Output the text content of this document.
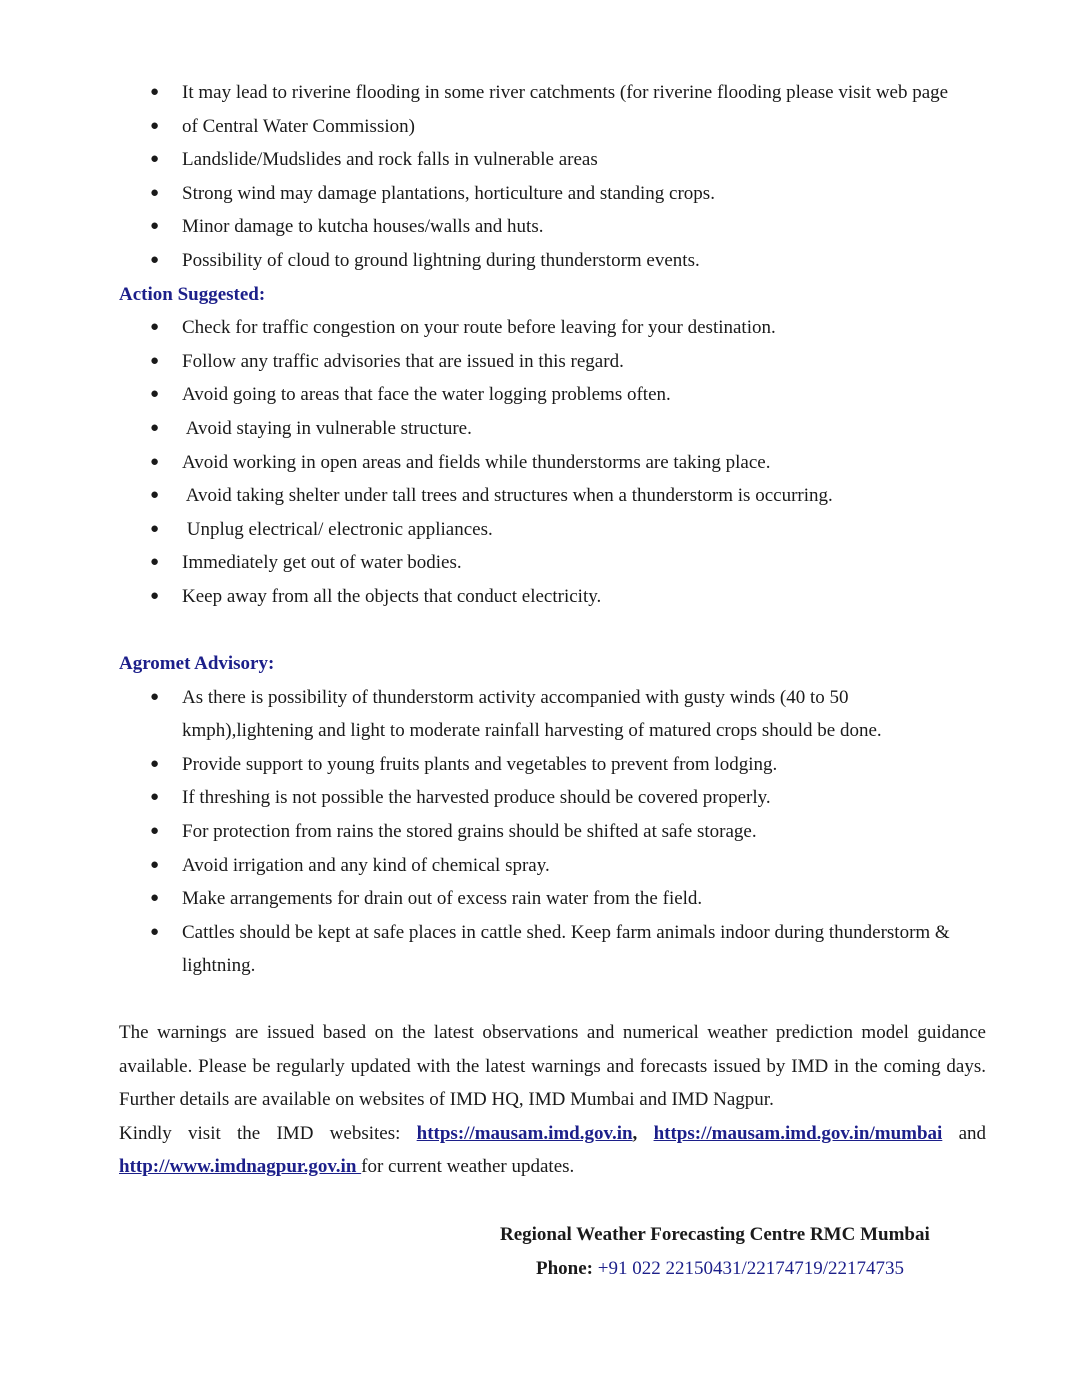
● It may lead to riverine flooding in some river catchments (for riverine flooding please visit web page
● of Central Water Commission)
● Landslide/Mudslides and rock falls in vulnerable areas
● Strong wind may damage plantations, horticulture and standing crops.
● Minor damage to kutcha houses/walls and huts.
● Possibility of cloud to ground lightning during thunderstorm events.
Action Suggested:
● Check for traffic congestion on your route before leaving for your destination.
● Follow any traffic advisories that are issued in this regard.
● Avoid going to areas that face the water logging problems often.
● Avoid staying in vulnerable structure.
● Avoid working in open areas and fields while thunderstorms are taking place.
● Avoid taking shelter under tall trees and structures when a thunderstorm is occurring.
● Unplug electrical/ electronic appliances.
● Immediately get out of water bodies.
● Keep away from all the objects that conduct electricity.
Agromet Advisory:
● As there is possibility of thunderstorm activity accompanied with gusty winds (40 to 50 kmph),lightening and light to moderate rainfall harvesting of matured crops should be done.
● Provide support to young fruits plants and vegetables to prevent from lodging.
● If threshing is not possible the harvested produce should be covered properly.
● For protection from rains the stored grains should be shifted at safe storage.
● Avoid irrigation and any kind of chemical spray.
● Make arrangements for drain out of excess rain water from the field.
● Cattles should be kept at safe places in cattle shed. Keep farm animals indoor during thunderstorm & lightning.

The warnings are issued based on the latest observations and numerical weather prediction model guidance available. Please be regularly updated with the latest warnings and forecasts issued by IMD in the coming days. Further details are available on websites of IMD HQ, IMD Mumbai and IMD Nagpur.

Kindly visit the IMD websites: https://mausam.imd.gov.in, https://mausam.imd.gov.in/mumbai and http://www.imdnagpur.gov.in for current weather updates.

Regional Weather Forecasting Centre RMC Mumbai
Phone: +91 022 22150431/22174719/22174735
